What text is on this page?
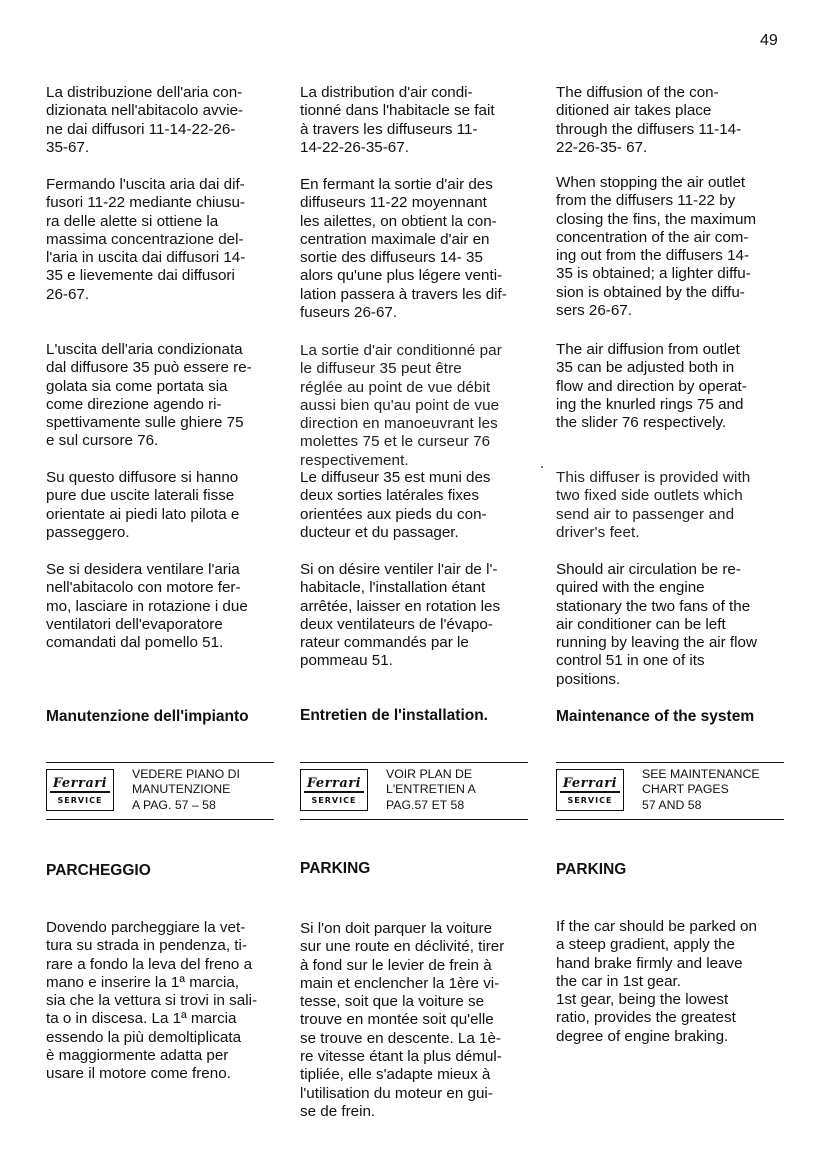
49

La distribuzione dell'aria con-
dizionata nell'abitacolo avvie-
ne dai diffusori 11-14-22-26-
35-67.

Fermando l'uscita aria dai dif-
fusori 11-22 mediante chiusu-
ra delle alette si ottiene la
massima concentrazione del-
l'aria in uscita dai diffusori 14-
35 e lievemente dai diffusori
26-67.

L'uscita dell'aria condizionata
dal diffusore 35 può essere re-
golata sia come portata sia
come direzione agendo ri-
spettivamente sulle ghiere 75
e sul cursore 76.

Su questo diffusore si hanno
pure due uscite laterali fisse
orientate ai piedi lato pilota e
passeggero.

Se si desidera ventilare l'aria
nell'abitacolo con motore fer-
mo, lasciare in rotazione i due
ventilatori dell'evaporatore
comandati dal pomello 51.

Manutenzione dell'impianto

La distribution d'air condi-
tionné dans l'habitacle se fait
à travers les diffuseurs 11-
14-22-26-35-67.

En fermant la sortie d'air des
diffuseurs 11-22 moyennant
les ailettes, on obtient la con-
centration maximale d'air en
sortie des diffuseurs 14- 35
alors qu'une plus légere venti-
lation passera à travers les dif-
fuseurs 26-67.

La sortie d'air conditionné par
le diffuseur 35 peut être
réglée au point de vue débit
aussi bien qu'au point de vue
direction en manoeuvrant les
molettes 75 et le curseur 76
respectivement.

Le diffuseur 35 est muni des
deux sorties latérales fixes
orientées aux pieds du con-
ducteur et du passager.

Si on désire ventiler l'air de l'-
habitacle, l'installation étant
arrêtée, laisser en rotation les
deux ventilateurs de l'évapo-
rateur commandés par le
pommeau 51.

Entretien de l'installation.

The diffusion of the con-
ditioned air takes place
through the diffusers 11-14-
22-26-35- 67.

When stopping the air outlet
from the diffusers 11-22 by
closing the fins, the maximum
concentration of the air com-
ing out from the diffusers 14-
35 is obtained; a lighter diffu-
sion is obtained by the diffu-
sers 26-67.

The air diffusion from outlet
35 can be adjusted both in
flow and direction by operat-
ing the knurled rings 75 and
the slider 76 respectively.

This diffuser is provided with
two fixed side outlets which
send air to passenger and
driver's feet.

Should air circulation be re-
quired with the engine
stationary the two fans of the
air conditioner can be left
running by leaving the air flow
control 51 in one of its
positions.

Maintenance of the system

Ferrari
SERVICE
VEDERE PIANO DI
MANUTENZIONE
A PAG. 57 – 58
Ferrari
SERVICE
VOIR PLAN DE
L'ENTRETIEN A
PAG.57 ET 58
Ferrari
SERVICE
SEE MAINTENANCE
CHART PAGES
57 AND 58

PARCHEGGIO	PARKING	PARKING

Dovendo parcheggiare la vet-
tura su strada in pendenza, ti-
rare a fondo la leva del freno a
mano e inserire la 1ª marcia,
sia che la vettura si trovi in sali-
ta o in discesa. La 1ª marcia
essendo la più demoltiplicata
è maggiormente adatta per
usare il motore come freno.

Si l'on doit parquer la voiture
sur une route en déclivité, tirer
à fond sur le levier de frein à
main et enclencher la 1ère vi-
tesse, soit que la voiture se
trouve en montée soit qu'elle
se trouve en descente. La 1è-
re vitesse étant la plus démul-
tipliée, elle s'adapte mieux à
l'utilisation du moteur en gui-
se de frein.

If the car should be parked on
a steep gradient, apply the
hand brake firmly and leave
the car in 1st gear.
1st gear, being the lowest
ratio, provides the greatest
degree of engine braking.
